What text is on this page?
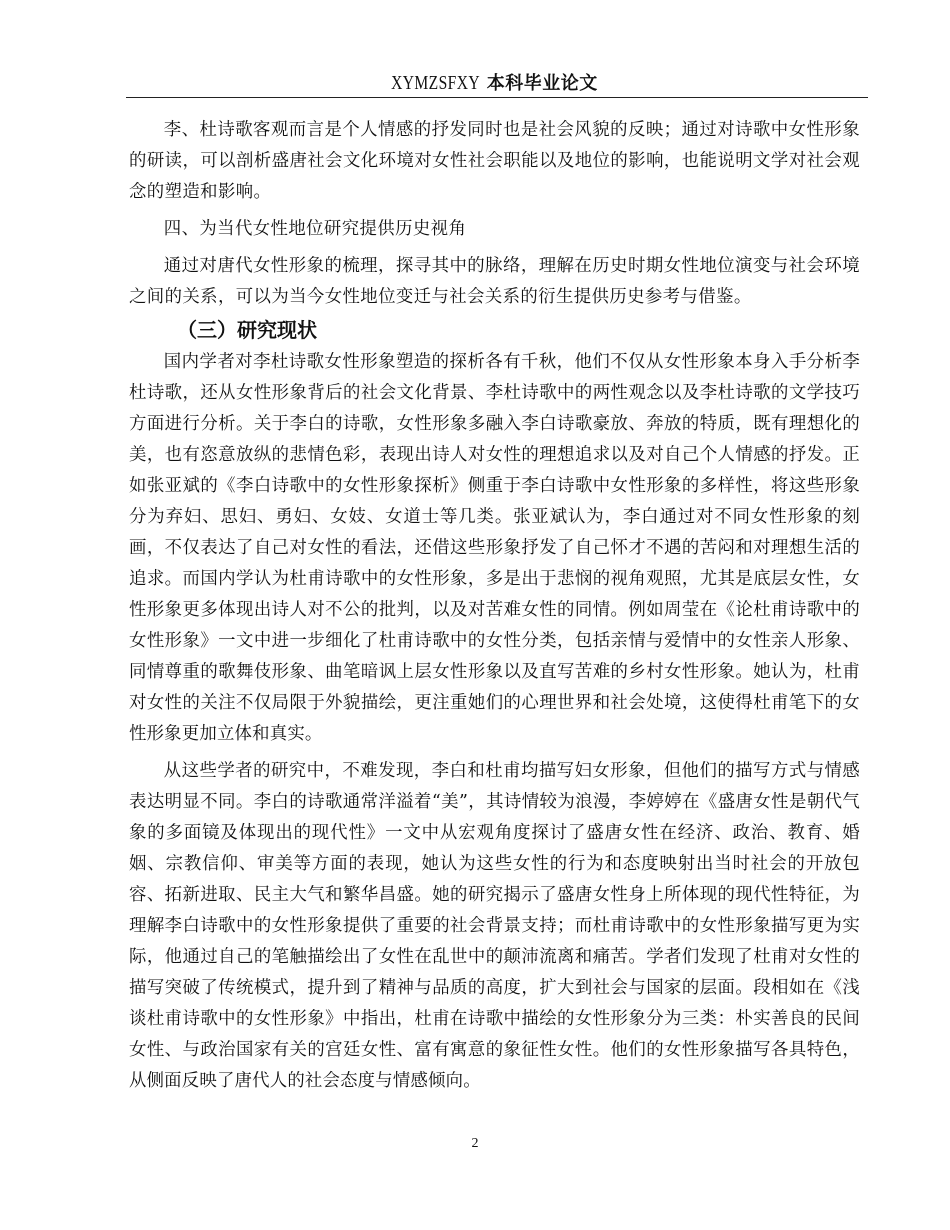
XYMZSFXY 本科毕业论文

李、杜诗歌客观而言是个人情感的抒发同时也是社会风貌的反映；通过对诗歌中女性形象的研读，可以剖析盛唐社会文化环境对女性社会职能以及地位的影响，也能说明文学对社会观念的塑造和影响。

四、为当代女性地位研究提供历史视角

通过对唐代女性形象的梳理，探寻其中的脉络，理解在历史时期女性地位演变与社会环境之间的关系，可以为当今女性地位变迁与社会关系的衍生提供历史参考与借鉴。

（三）研究现状

国内学者对李杜诗歌女性形象塑造的探析各有千秋，他们不仅从女性形象本身入手分析李杜诗歌，还从女性形象背后的社会文化背景、李杜诗歌中的两性观念以及李杜诗歌的文学技巧方面进行分析。关于李白的诗歌，女性形象多融入李白诗歌豪放、奔放的特质，既有理想化的美，也有恣意放纵的悲情色彩，表现出诗人对女性的理想追求以及对自己个人情感的抒发。正如张亚斌的《李白诗歌中的女性形象探析》侧重于李白诗歌中女性形象的多样性，将这些形象分为弃妇、思妇、勇妇、女妓、女道士等几类。张亚斌认为，李白通过对不同女性形象的刻画，不仅表达了自己对女性的看法，还借这些形象抒发了自己怀才不遇的苦闷和对理想生活的追求。而国内学认为杜甫诗歌中的女性形象，多是出于悲悯的视角观照，尤其是底层女性，女性形象更多体现出诗人对不公的批判，以及对苦难女性的同情。例如周莹在《论杜甫诗歌中的女性形象》一文中进一步细化了杜甫诗歌中的女性分类，包括亲情与爱情中的女性亲人形象、同情尊重的歌舞伎形象、曲笔暗讽上层女性形象以及直写苦难的乡村女性形象。她认为，杜甫对女性的关注不仅局限于外貌描绘，更注重她们的心理世界和社会处境，这使得杜甫笔下的女性形象更加立体和真实。

从这些学者的研究中，不难发现，李白和杜甫均描写妇女形象，但他们的描写方式与情感表达明显不同。李白的诗歌通常洋溢着“美”，其诗情较为浪漫，李婷婷在《盛唐女性是朝代气象的多面镜及体现出的现代性》一文中从宏观角度探讨了盛唐女性在经济、政治、教育、婚姻、宗教信仰、审美等方面的表现，她认为这些女性的行为和态度映射出当时社会的开放包容、拓新进取、民主大气和繁华昌盛。她的研究揭示了盛唐女性身上所体现的现代性特征，为理解李白诗歌中的女性形象提供了重要的社会背景支持；而杜甫诗歌中的女性形象描写更为实际，他通过自己的笔触描绘出了女性在乱世中的颠沛流离和痛苦。学者们发现了杜甫对女性的描写突破了传统模式，提升到了精神与品质的高度，扩大到社会与国家的层面。段相如在《浅谈杜甫诗歌中的女性形象》中指出，杜甫在诗歌中描绘的女性形象分为三类：朴实善良的民间女性、与政治国家有关的宫廷女性、富有寓意的象征性女性。他们的女性形象描写各具特色，从侧面反映了唐代人的社会态度与情感倾向。

2
